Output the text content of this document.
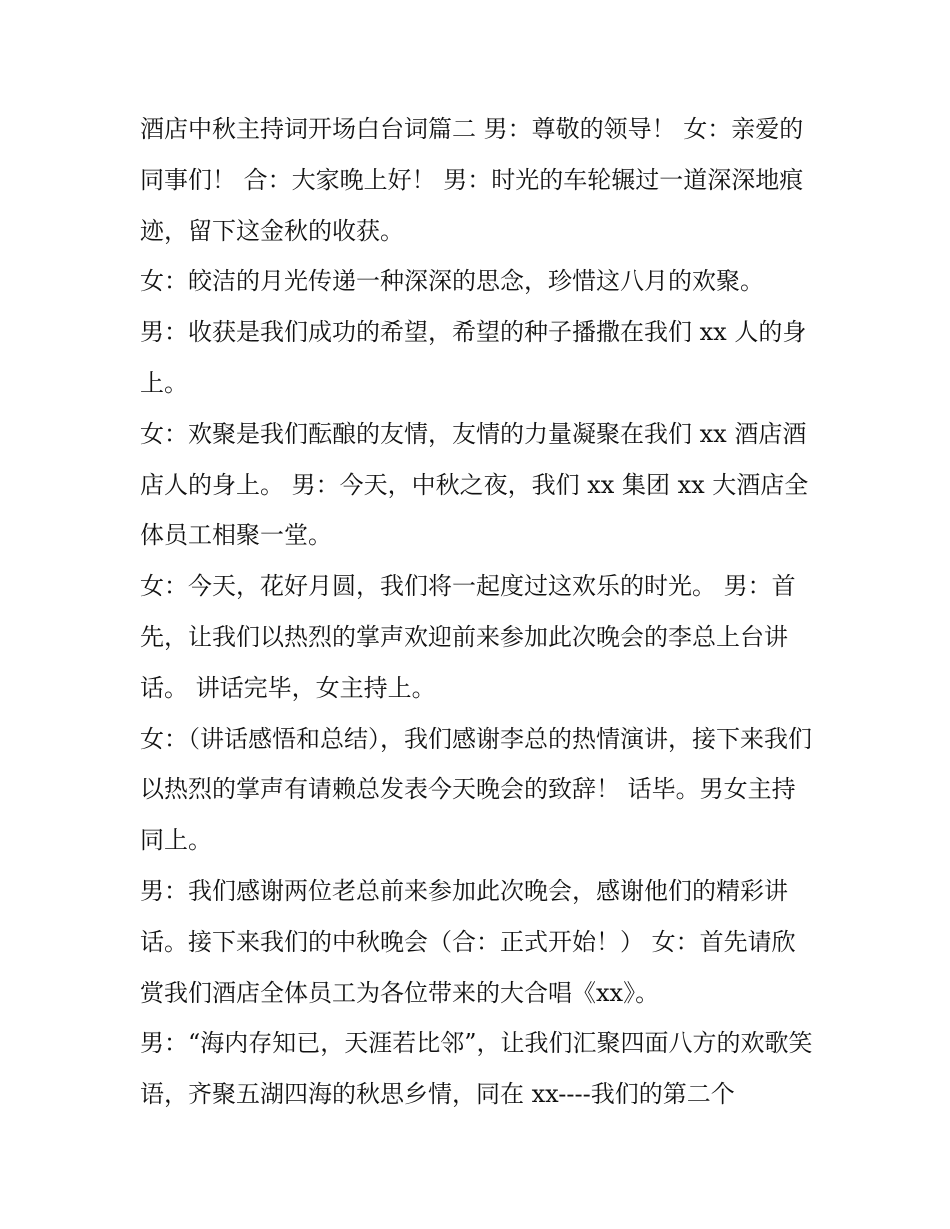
酒店中秋主持词开场白台词篇二 男：尊敬的领导！ 女：亲爱的同事们！ 合：大家晚上好！ 男：时光的车轮辗过一道深深地痕迹，留下这金秋的收获。

女：皎洁的月光传递一种深深的思念，珍惜这八月的欢聚。

男：收获是我们成功的希望，希望的种子播撒在我们 xx 人的身上。

女：欢聚是我们酝酿的友情，友情的力量凝聚在我们 xx 酒店酒店人的身上。 男：今天，中秋之夜，我们 xx 集团 xx 大酒店全体员工相聚一堂。

女：今天，花好月圆，我们将一起度过这欢乐的时光。 男：首先，让我们以热烈的掌声欢迎前来参加此次晚会的李总上台讲话。 讲话完毕，女主持上。

女：（讲话感悟和总结），我们感谢李总的热情演讲，接下来我们以热烈的掌声有请赖总发表今天晚会的致辞！ 话毕。男女主持同上。

男：我们感谢两位老总前来参加此次晚会，感谢他们的精彩讲话。接下来我们的中秋晚会（合：正式开始！） 女：首先请欣赏我们酒店全体员工为各位带来的大合唱《xx》。

男：“海内存知已，天涯若比邻”，让我们汇聚四面八方的欢歌笑语，齐聚五湖四海的秋思乡情，同在 xx----我们的第二个
